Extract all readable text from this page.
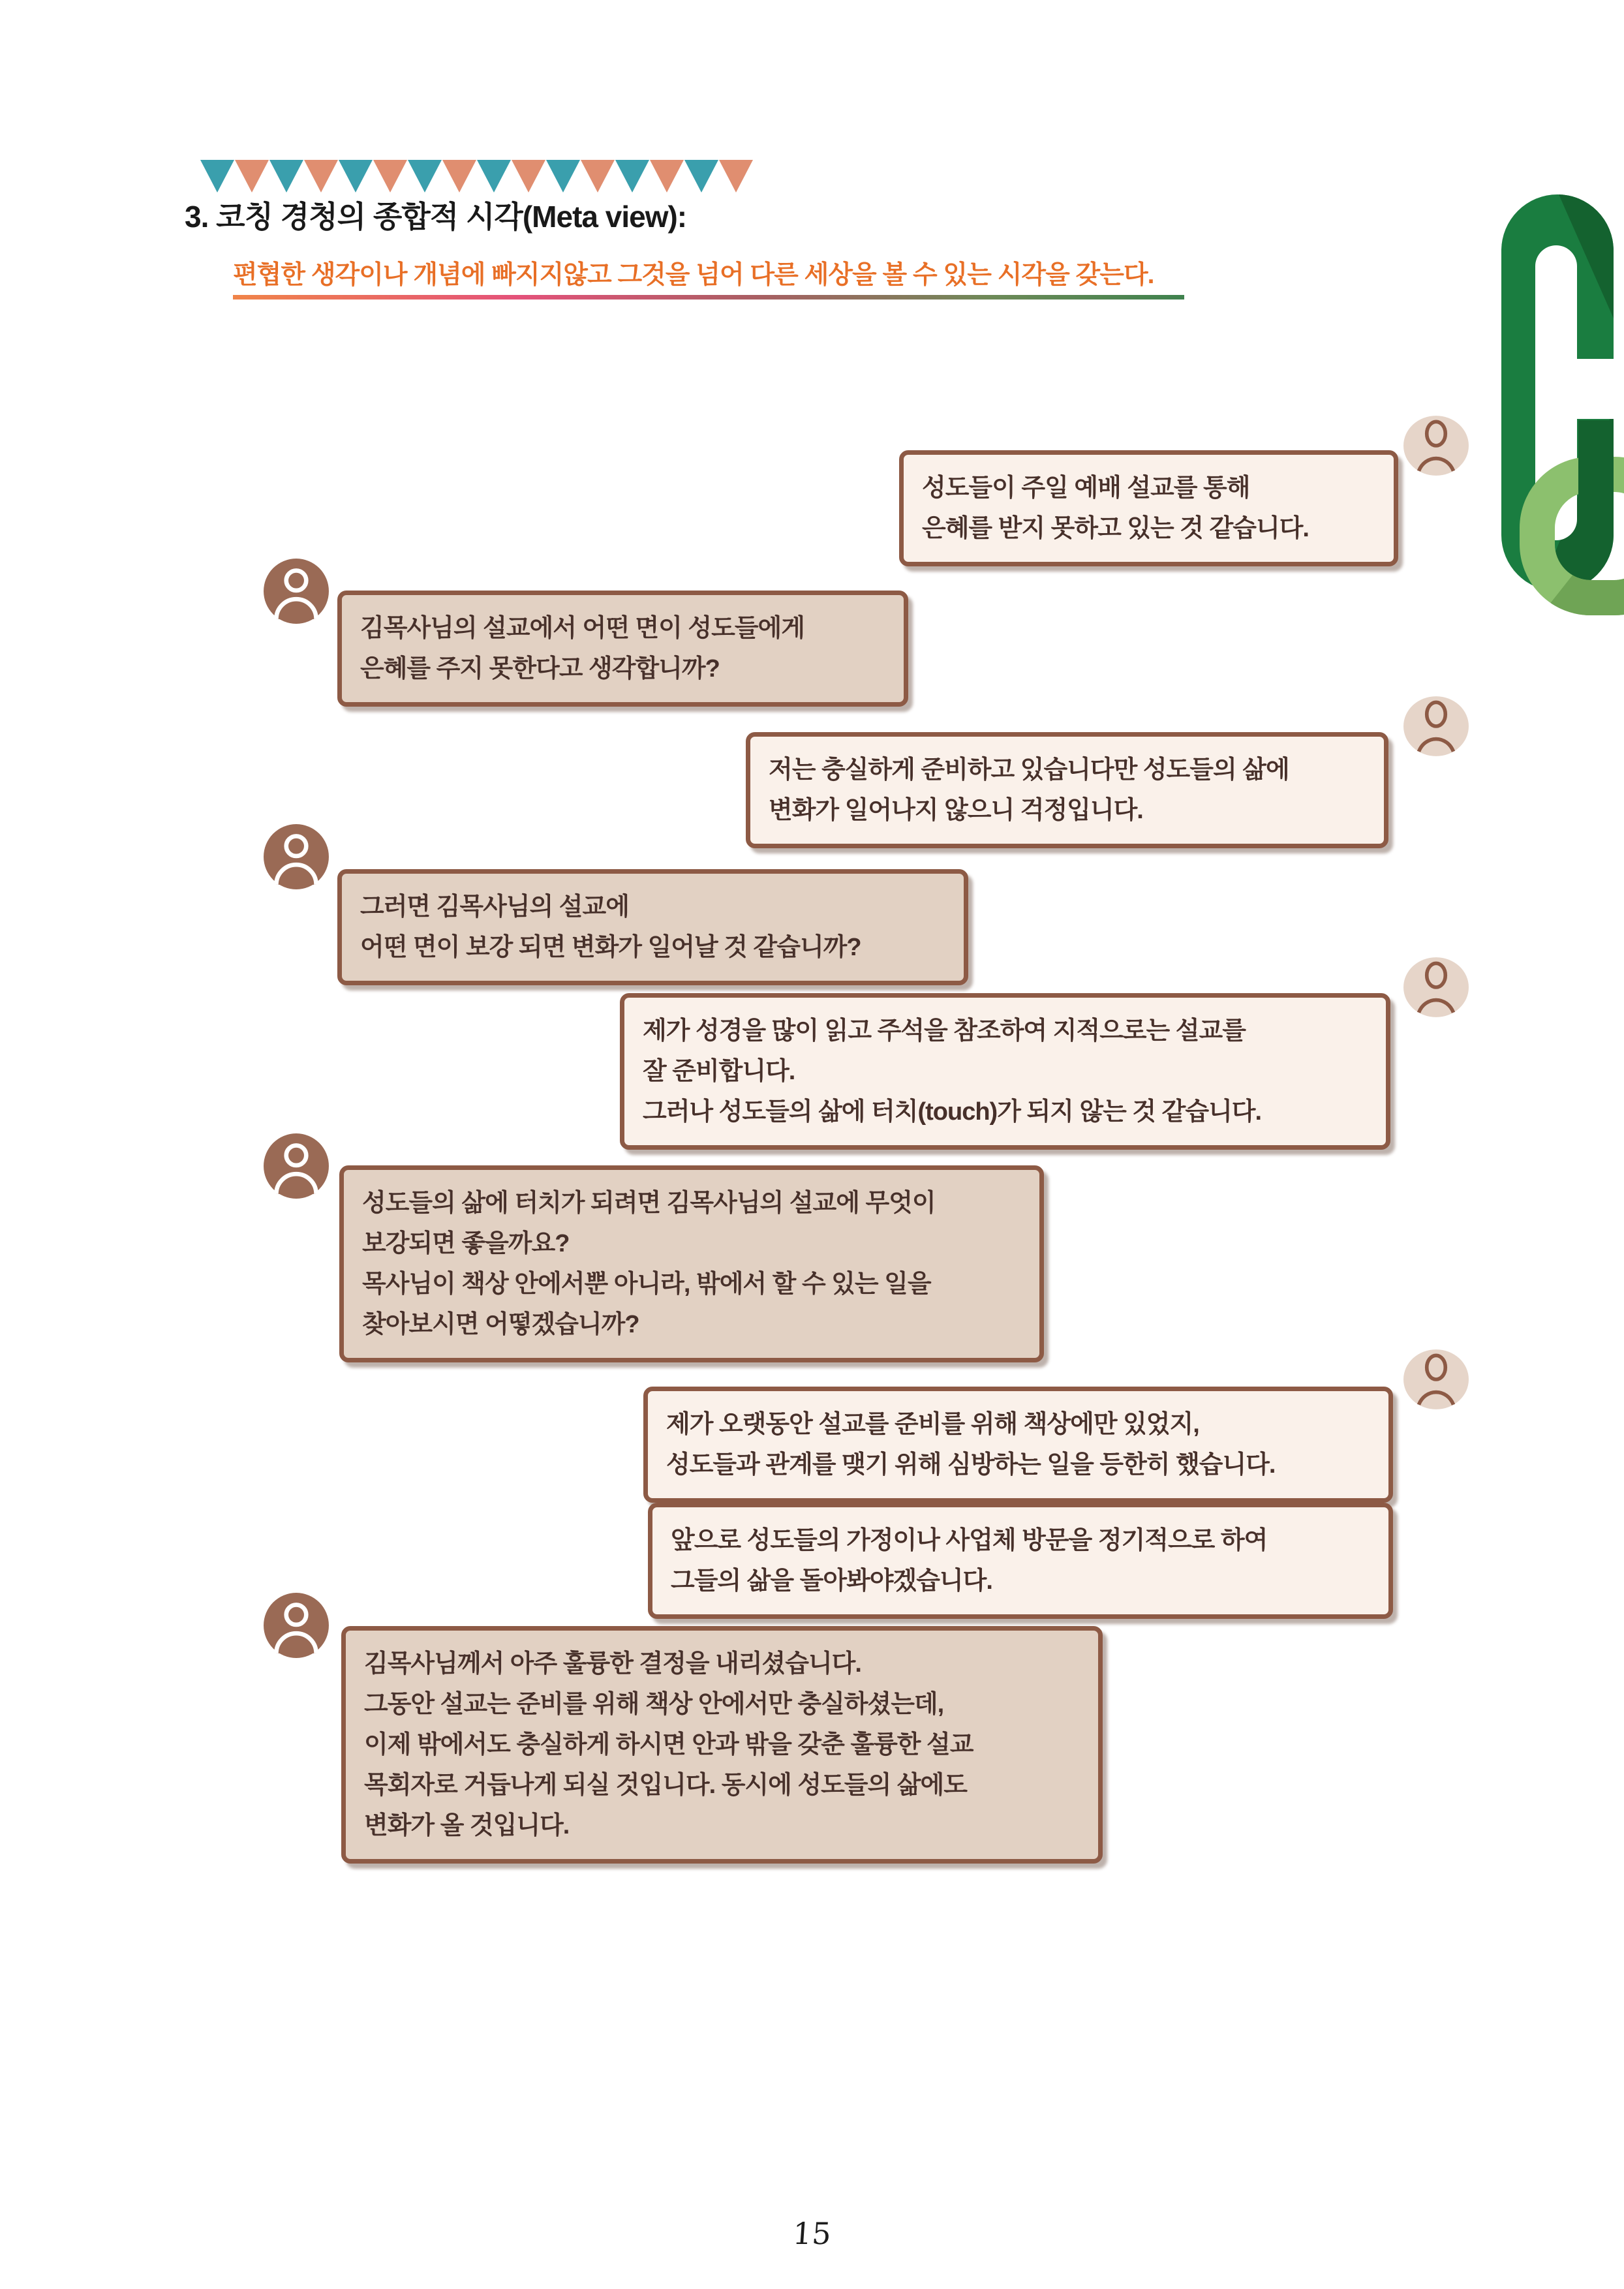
3. 코칭 경청의 종합적 시각(Meta view):
편협한 생각이나 개념에 빠지지않고 그것을 넘어 다른 세상을 볼 수 있는 시각을 갖는다.
성도들이 주일 예배 설교를 통해
은혜를 받지 못하고 있는 것 같습니다.
김목사님의 설교에서 어떤 면이 성도들에게
은혜를 주지 못한다고 생각합니까?
저는 충실하게 준비하고 있습니다만 성도들의 삶에
변화가 일어나지 않으니 걱정입니다.
그러면 김목사님의 설교에
어떤 면이 보강 되면 변화가 일어날 것 같습니까?
제가 성경을 많이 읽고 주석을 참조하여 지적으로는 설교를
잘 준비합니다.
그러나 성도들의 삶에 터치(touch)가 되지 않는 것 같습니다.
성도들의 삶에 터치가 되려면 김목사님의 설교에 무엇이
보강되면 좋을까요?
목사님이 책상 안에서뿐 아니라, 밖에서 할 수 있는 일을
찾아보시면 어떻겠습니까?
제가 오랫동안 설교를 준비를 위해 책상에만 있었지,
성도들과 관계를 맺기 위해 심방하는 일을 등한히 했습니다.
앞으로 성도들의 가정이나 사업체 방문을 정기적으로 하여
그들의 삶을 돌아봐야겠습니다.
김목사님께서 아주 훌륭한 결정을 내리셨습니다.
그동안 설교는 준비를 위해 책상 안에서만 충실하셨는데,
이제 밖에서도 충실하게 하시면 안과 밖을 갖춘 훌륭한 설교
목회자로 거듭나게 되실 것입니다. 동시에 성도들의 삶에도
변화가 올 것입니다.
15
